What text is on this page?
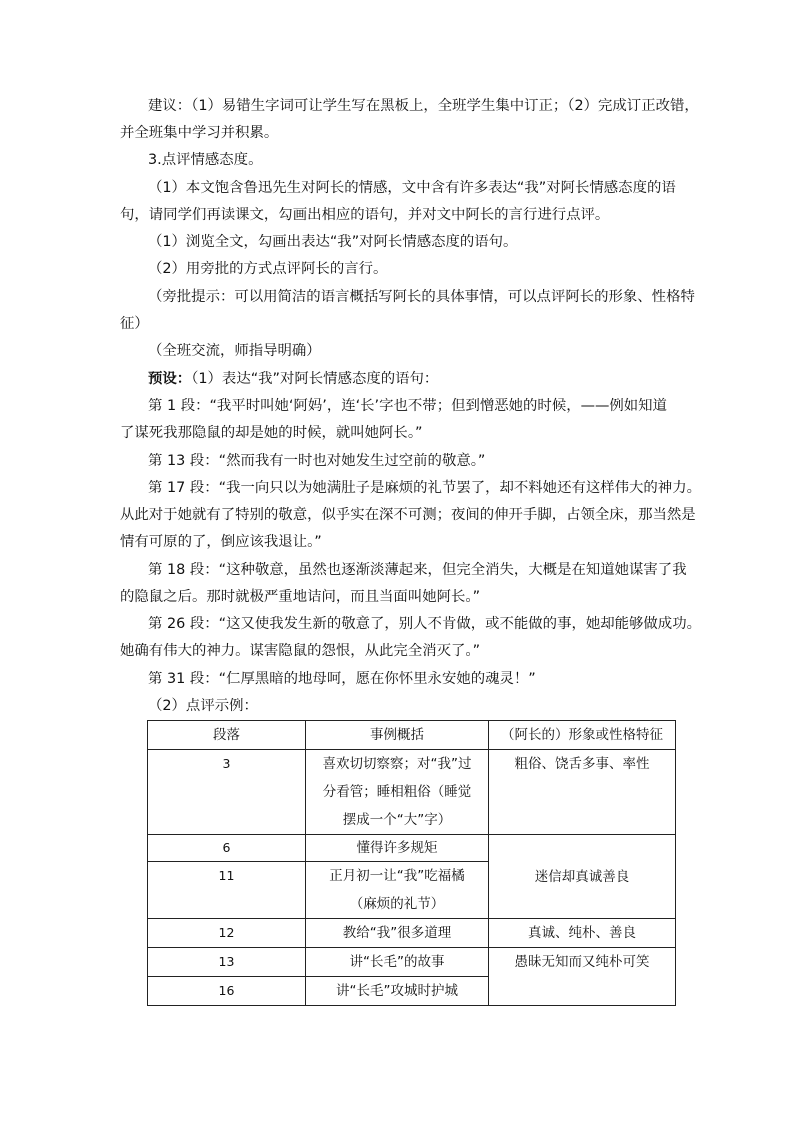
建议：（1）易错生字词可让学生写在黑板上，全班学生集中订正；（2）完成订正改错，
并全班集中学习并积累。
3.点评情感态度。
（1）本文饱含鲁迅先生对阿长的情感，文中含有许多表达“我”对阿长情感态度的语
句，请同学们再读课文，勾画出相应的语句，并对文中阿长的言行进行点评。
（1）浏览全文，勾画出表达“我”对阿长情感态度的语句。
（2）用旁批的方式点评阿长的言行。
（旁批提示：可以用简洁的语言概括写阿长的具体事情，可以点评阿长的形象、性格特
征）
（全班交流，师指导明确）
预设：（1）表达“我”对阿长情感态度的语句：
第 1 段：“我平时叫她‘阿妈’，连‘长’字也不带；但到憎恶她的时候，——例如知道
了谋死我那隐鼠的却是她的时候，就叫她阿长。”
第 13 段：“然而我有一时也对她发生过空前的敬意。”
第 17 段：“我一向只以为她满肚子是麻烦的礼节罢了，却不料她还有这样伟大的神力。
从此对于她就有了特别的敬意，似乎实在深不可测；夜间的伸开手脚，占领全床，那当然是
情有可原的了，倒应该我退让。”
第 18 段：“这种敬意，虽然也逐渐淡薄起来，但完全消失，大概是在知道她谋害了我
的隐鼠之后。那时就极严重地诘问，而且当面叫她阿长。”
第 26 段：“这又使我发生新的敬意了，别人不肯做，或不能做的事，她却能够做成功。
她确有伟大的神力。谋害隐鼠的怨恨，从此完全消灭了。”
第 31 段：“仁厚黑暗的地母呵，愿在你怀里永安她的魂灵！”
（2）点评示例：
段落	事例概括	（阿长的）形象或性格特征

3	喜欢切切察察；对“我”过分看管；睡相粗俗（睡觉摆成一个“大”字）	粗俗、饶舌多事、率性

6	懂得许多规矩	迷信却真诚善良

11	正月初一让“我”吃福橘（麻烦的礼节）	

12	教给“我”很多道理	真诚、纯朴、善良

13	讲“长毛”的故事	愚昧无知而又纯朴可笑

16	讲“长毛”攻城时护城	
